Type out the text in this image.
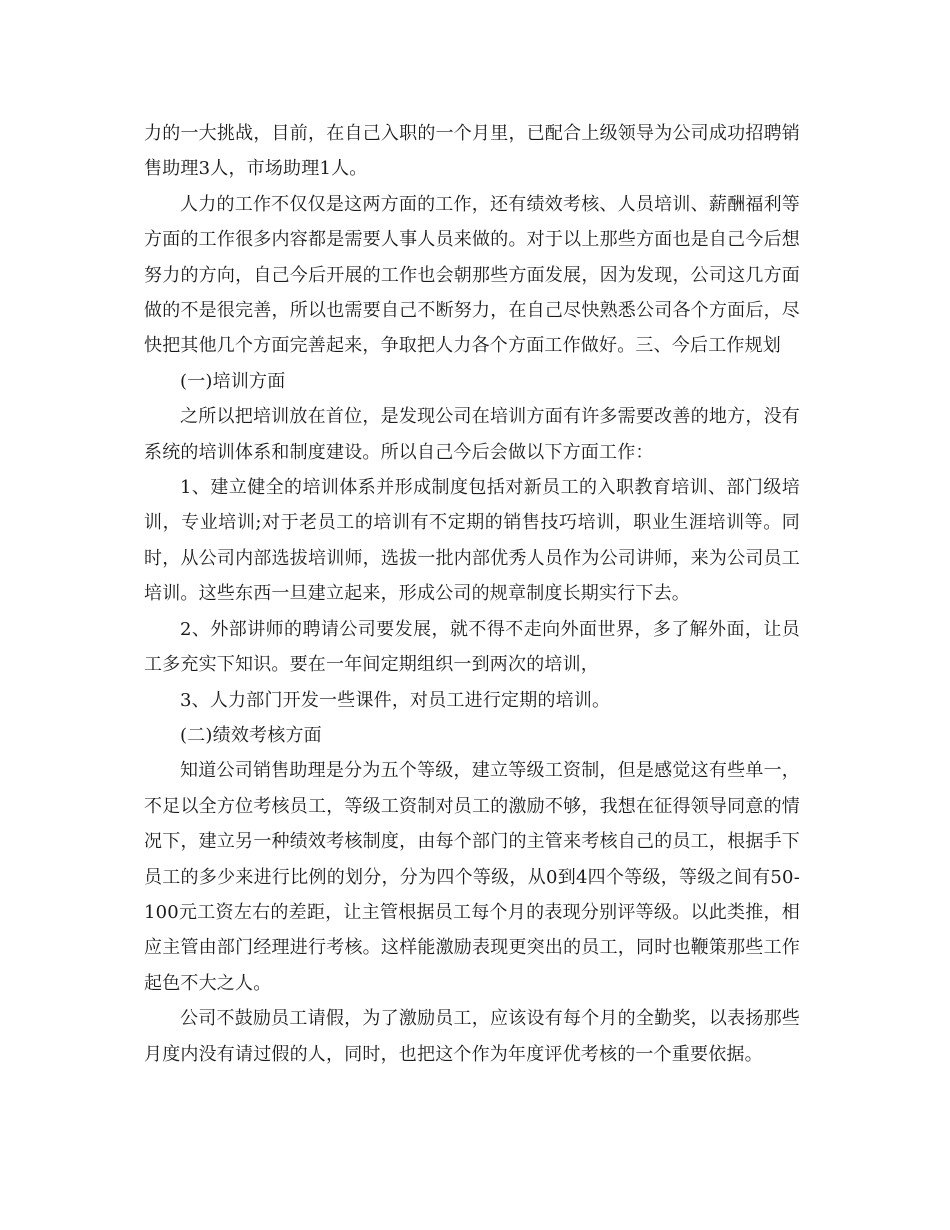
力的一大挑战，目前，在自己入职的一个月里，已配合上级领导为公司成功招聘销售助理3人，市场助理1人。

人力的工作不仅仅是这两方面的工作，还有绩效考核、人员培训、薪酬福利等方面的工作很多内容都是需要人事人员来做的。对于以上那些方面也是自己今后想努力的方向，自己今后开展的工作也会朝那些方面发展，因为发现，公司这几方面做的不是很完善，所以也需要自己不断努力，在自己尽快熟悉公司各个方面后，尽快把其他几个方面完善起来，争取把人力各个方面工作做好。三、今后工作规划

(一)培训方面

之所以把培训放在首位，是发现公司在培训方面有许多需要改善的地方，没有系统的培训体系和制度建设。所以自己今后会做以下方面工作：

1、建立健全的培训体系并形成制度包括对新员工的入职教育培训、部门级培训，专业培训;对于老员工的培训有不定期的销售技巧培训，职业生涯培训等。同时，从公司内部选拔培训师，选拔一批内部优秀人员作为公司讲师，来为公司员工培训。这些东西一旦建立起来，形成公司的规章制度长期实行下去。

2、外部讲师的聘请公司要发展，就不得不走向外面世界，多了解外面，让员工多充实下知识。要在一年间定期组织一到两次的培训，

3、人力部门开发一些课件，对员工进行定期的培训。

(二)绩效考核方面

知道公司销售助理是分为五个等级，建立等级工资制，但是感觉这有些单一，不足以全方位考核员工，等级工资制对员工的激励不够，我想在征得领导同意的情况下，建立另一种绩效考核制度，由每个部门的主管来考核自己的员工，根据手下员工的多少来进行比例的划分，分为四个等级，从0到4四个等级，等级之间有50-100元工资左右的差距，让主管根据员工每个月的表现分别评等级。以此类推，相应主管由部门经理进行考核。这样能激励表现更突出的员工，同时也鞭策那些工作起色不大之人。

公司不鼓励员工请假，为了激励员工，应该设有每个月的全勤奖，以表扬那些月度内没有请过假的人，同时，也把这个作为年度评优考核的一个重要依据。
